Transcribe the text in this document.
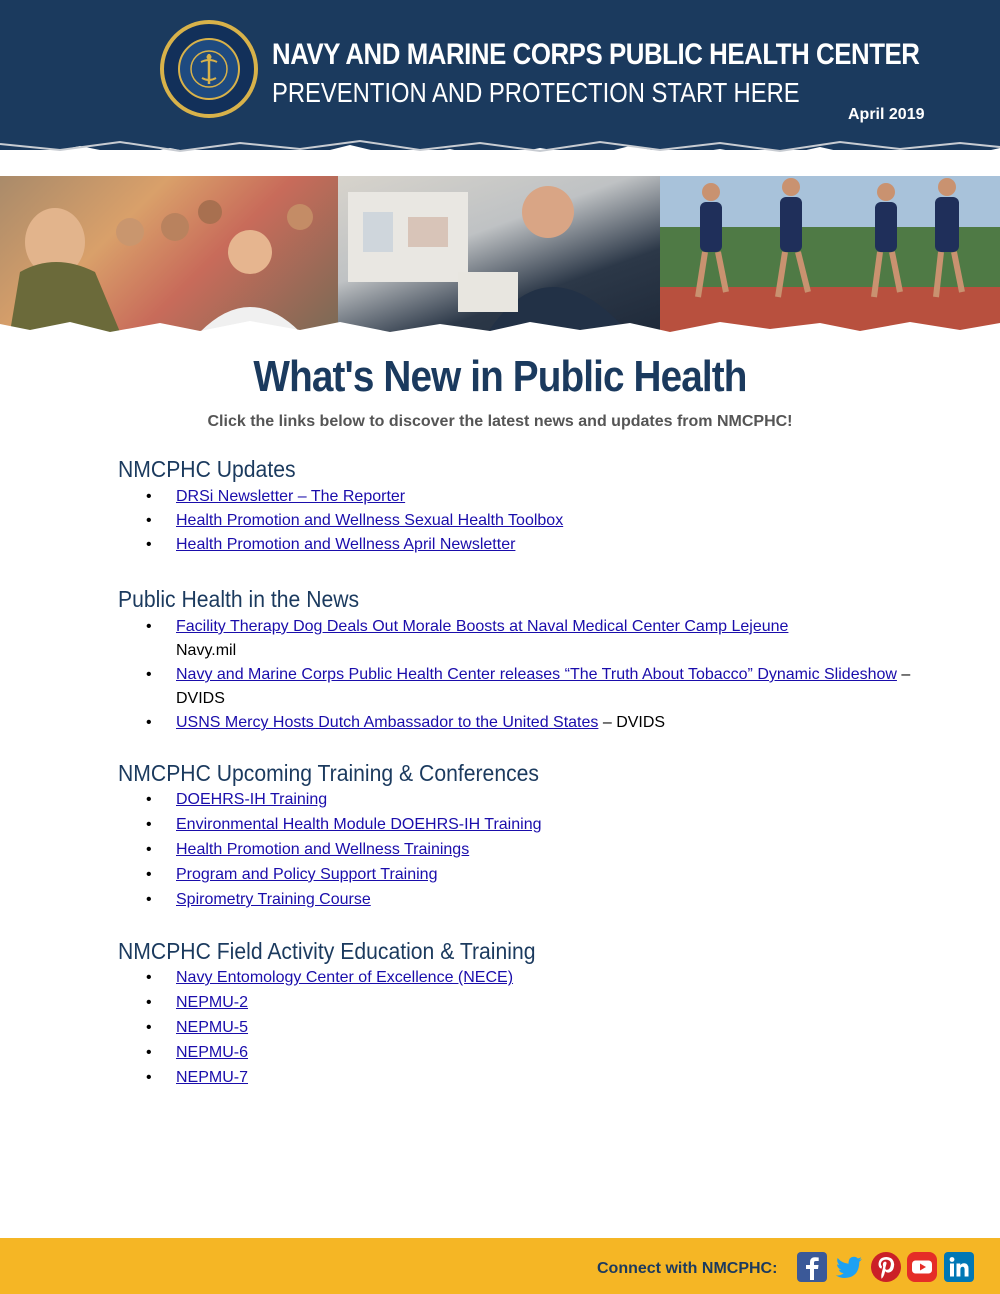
NAVY AND MARINE CORPS PUBLIC HEALTH CENTER
PREVENTION AND PROTECTION START HERE
April 2019
What's New in Public Health
Click the links below to discover the latest news and updates from NMCPHC!
NMCPHC Updates
• DRSi Newsletter – The Reporter
• Health Promotion and Wellness Sexual Health Toolbox
• Health Promotion and Wellness April Newsletter
Public Health in the News
• Facility Therapy Dog Deals Out Morale Boosts at Naval Medical Center Camp Lejeune
Navy.mil
• Navy and Marine Corps Public Health Center releases “The Truth About Tobacco” Dynamic Slideshow – DVIDS
• USNS Mercy Hosts Dutch Ambassador to the United States – DVIDS
NMCPHC Upcoming Training & Conferences
• DOEHRS-IH Training
• Environmental Health Module DOEHRS-IH Training
• Health Promotion and Wellness Trainings
• Program and Policy Support Training
• Spirometry Training Course
NMCPHC Field Activity Education & Training
• Navy Entomology Center of Excellence (NECE)
• NEPMU-2
• NEPMU-5
• NEPMU-6
• NEPMU-7
Connect with NMCPHC:
